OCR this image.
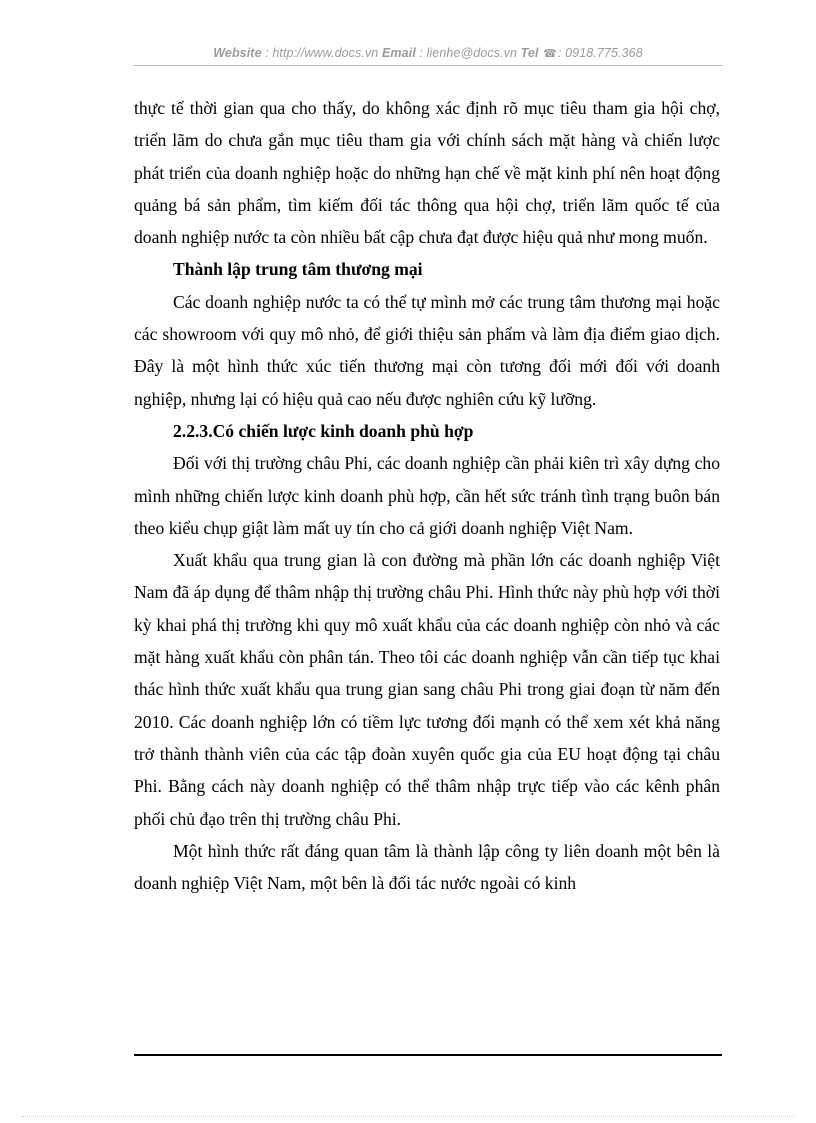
Website : http://www.docs.vn Email : lienhe@docs.vn Tel ☎: 0918.775.368

thực tế thời gian qua cho thấy, do không xác định rõ mục tiêu tham gia hội chợ, triển lãm do chưa gắn mục tiêu tham gia với chính sách mặt hàng và chiến lược phát triển của doanh nghiệp hoặc do những hạn chế về mặt kinh phí nên hoạt động quảng bá sản phẩm, tìm kiếm đối tác thông qua hội chợ, triển lãm quốc tế của doanh nghiệp nước ta còn nhiều bất cập chưa đạt được hiệu quả như mong muốn.

Thành lập trung tâm thương mại

Các doanh nghiệp nước ta có thể tự mình mở các trung tâm thương mại hoặc các showroom với quy mô nhỏ, để giới thiệu sản phẩm và làm địa điểm giao dịch. Đây là một hình thức xúc tiến thương mại còn tương đối mới đối với doanh nghiệp, nhưng lại có hiệu quả cao nếu được nghiên cứu kỹ lưỡng.

2.2.3.Có chiến lược kinh doanh phù hợp

Đối với thị trường châu Phi, các doanh nghiệp cần phải kiên trì xây dựng cho mình những chiến lược kinh doanh phù hợp, cần hết sức tránh tình trạng buôn bán theo kiểu chụp giật làm mất uy tín cho cả giới doanh nghiệp Việt Nam.

Xuất khẩu qua trung gian là con đường mà phần lớn các doanh nghiệp Việt Nam đã áp dụng để thâm nhập thị trường châu Phi. Hình thức này phù hợp với thời kỳ khai phá thị trường khi quy mô xuất khẩu của các doanh nghiệp còn nhỏ và các mặt hàng xuất khẩu còn phân tán. Theo tôi các doanh nghiệp vẫn cần tiếp tục khai thác hình thức xuất khẩu qua trung gian sang châu Phi trong giai đoạn từ năm đến 2010. Các doanh nghiệp lớn có tiềm lực tương đối mạnh có thể xem xét khả năng trở thành thành viên của các tập đoàn xuyên quốc gia của EU hoạt động tại châu Phi. Bằng cách này doanh nghiệp có thể thâm nhập trực tiếp vào các kênh phân phối chủ đạo trên thị trường châu Phi.

Một hình thức rất đáng quan tâm là thành lập công ty liên doanh một bên là doanh nghiệp Việt Nam, một bên là đối tác nước ngoài có kinh
